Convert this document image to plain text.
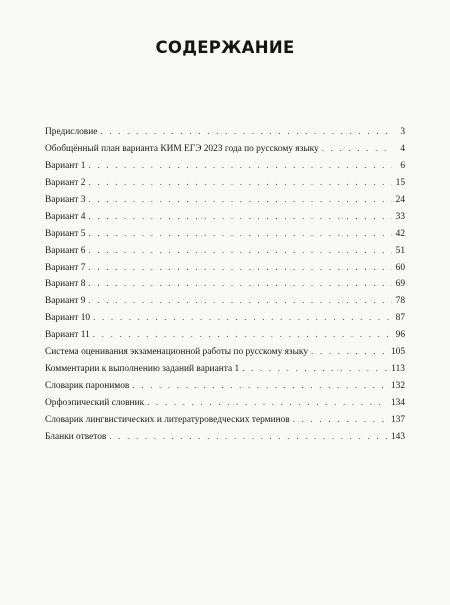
СОДЕРЖАНИЕ
Предисловие . . .	3
Обобщённый план варианта КИМ ЕГЭ 2023 года по русскому языку . . .	4
Вариант 1 . . .	6
Вариант 2 . . .	15
Вариант 3 . . .	24
Вариант 4 . . .	33
Вариант 5 . . .	42
Вариант 6 . . .	51
Вариант 7 . . .	60
Вариант 8 . . .	69
Вариант 9 . . .	78
Вариант 10 . . .	87
Вариант 11 . . .	96
Система оценивания экзаменационной работы по русскому языку . . .	105
Комментарии к выполнению заданий варианта 1 . . .	113
Словарик паронимов . . .	132
Орфоэпический словник . . .	134
Словарик лингвистических и литературоведческих терминов . . .	137
Бланки ответов . . .	143
